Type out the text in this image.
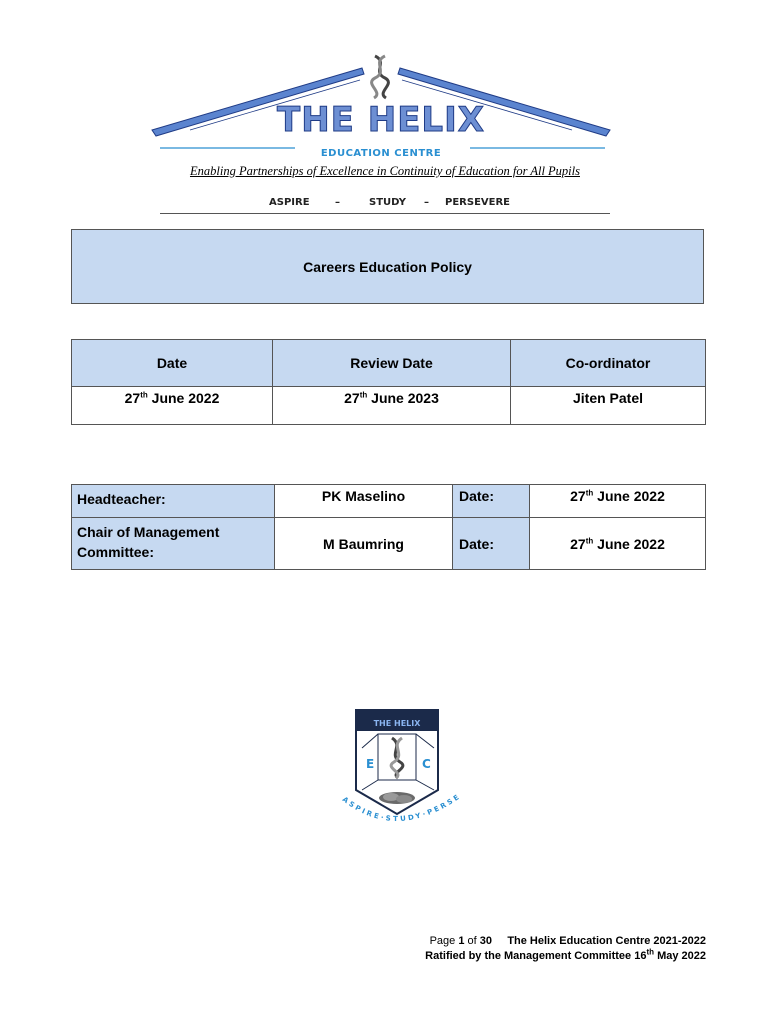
THE HELIX
EDUCATION CENTRE
Enabling Partnerships of Excellence in Continuity of Education for All Pupils
ASPIRE	–	STUDY – PERSEVERE
Careers Education Policy
Date	Review Date	Co-ordinator
27th June 2022	27th June 2023	Jiten Patel
Headteacher:	PK Maselino	Date:	27th June 2022
Chair of Management Committee:	M Baumring	Date:	27th June 2022
THE HELIX
E	C
ASPIRE·STUDY·PERSE
Page 1 of 30 The Helix Education Centre 2021-2022
Ratified by the Management Committee 16th May 2022
